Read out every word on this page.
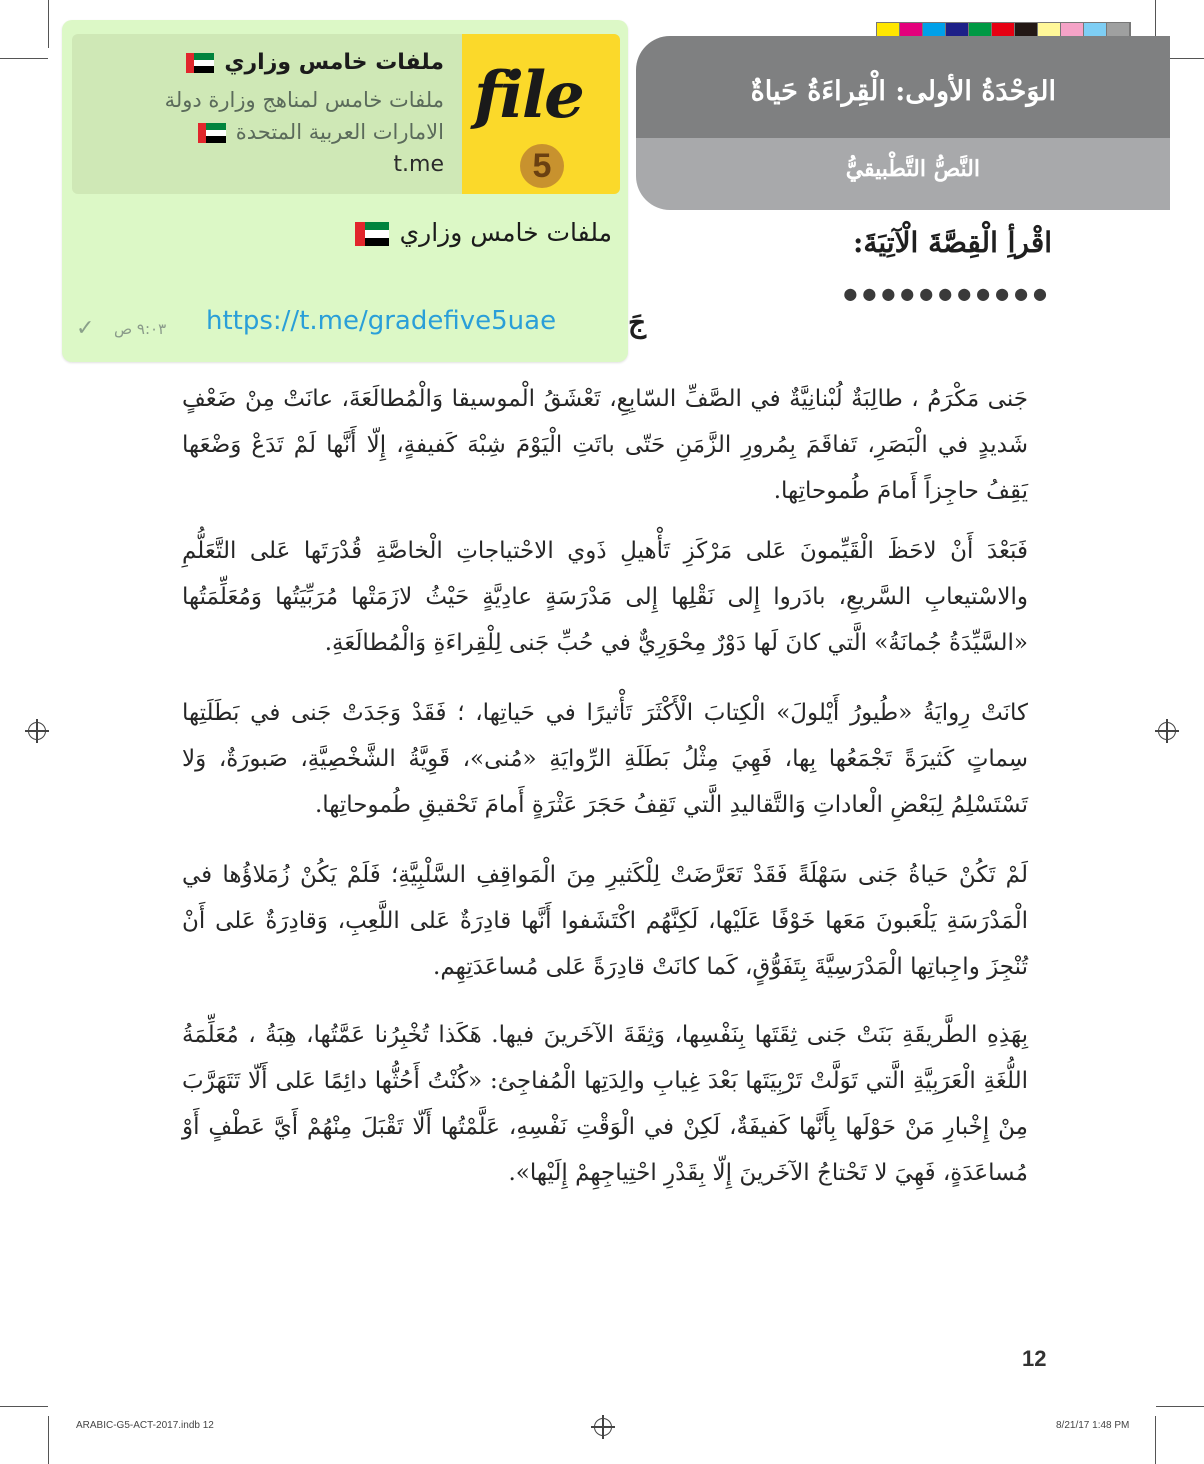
الوَحْدَةُ الأولى: الْقِراءَةُ حَياةٌ
النَّصُّ التَّطْبيقيُّ
اقْرأِ الْقِصَّةَ الْآتِيَةَ:
●●●●●●●●●●●
جَ
جَنى مَكْرَمُ ، طالِبَةٌ لُبْنانِيَّةٌ في الصَّفِّ السّابِعِ، تَعْشَقُ الْموسيقا وَالْمُطالَعَةَ، عانَتْ مِنْ ضَعْفٍ شَديدٍ في الْبَصَرِ، تَفاقَمَ بِمُرورِ الزَّمَنِ حَتّى باتَتِ الْيَوْمَ شِبْهَ كَفيفةٍ، إِلّا أَنَّها لَمْ تَدَعْ وَضْعَها يَقِفُ حاجِزاً أَمامَ طُموحاتِها.
فَبَعْدَ أَنْ لاحَظَ الْقَيِّمونَ عَلى مَرْكَزِ تَأْهيلِ ذَوي الاحْتياجاتِ الْخاصَّةِ قُدْرَتَها عَلى التَّعَلُّمِ والاسْتيعابِ السَّريعِ، بادَروا إِلى نَقْلِها إِلى مَدْرَسَةٍ عادِيَّةٍ حَيْثُ لازَمَتْها مُرَبِّيَتُها وَمُعَلِّمَتُها «السَّيِّدَةُ جُمانَةُ» الَّتي كانَ لَها دَوْرٌ مِحْوَرِيٌّ في حُبِّ جَنى لِلْقِراءَةِ وَالْمُطالَعَةِ.
كانَتْ رِوايَةُ «طُيورُ أَيْلولَ» الْكِتابَ الْأَكْثَرَ تَأْثيرًا في حَياتِها، ؛ فَقَدْ وَجَدَتْ جَنى في بَطَلَتِها سِماتٍ كَثيرَةً تَجْمَعُها بِها، فَهِيَ مِثْلُ بَطَلَةِ الرِّوايَةِ «مُنى»، قَوِيَّةُ الشَّخْصِيَّةِ، صَبورَةٌ، وَلا تَسْتَسْلِمُ لِبَعْضِ الْعاداتِ وَالتَّقاليدِ الَّتي تَقِفُ حَجَرَ عَثْرَةٍ أَمامَ تَحْقيقِ طُموحاتِها.
لَمْ تَكُنْ حَياةُ جَنى سَهْلَةً فَقَدْ تَعَرَّضَتْ لِلْكَثيرِ مِنَ الْمَواقِفِ السَّلْبِيَّةِ؛ فَلَمْ يَكُنْ زُمَلاؤُها في الْمَدْرَسَةِ يَلْعَبونَ مَعَها خَوْفًا عَلَيْها، لَكِنَّهُم اكْتَشَفوا أَنَّها قادِرَةٌ عَلى اللَّعِبِ، وَقادِرَةٌ عَلى أَنْ تُنْجِزَ واجِباتِها الْمَدْرَسِيَّةَ بِتَفَوُّقٍ، كَما كانَتْ قادِرَةً عَلى مُساعَدَتِهِم.
بِهَذِهِ الطَّريقَةِ بَنَتْ جَنى ثِقَتَها بِنَفْسِها، وَثِقَةَ الآخَرينَ فيها. هَكَذا تُخْبِرُنا عَمَّتُها، هِبَةُ ، مُعَلِّمَةُ اللُّغَةِ الْعَرَبِيَّةِ الَّتي تَوَلَّتْ تَرْبِيَتَها بَعْدَ غِيابِ والِدَتِها الْمُفاجِئ: «كُنْتُ أَحُثُّها دائِمًا عَلى أَلّا تَتَهَرَّبَ مِنْ إِخْبارِ مَنْ حَوْلَها بِأَنَّها كَفيفَةٌ، لَكِنْ في الْوَقْتِ نَفْسِهِ، عَلَّمْتُها أَلّا تَقْبَلَ مِنْهُمْ أَيَّ عَطْفٍ أَوْ مُساعَدَةٍ، فَهِيَ لا تَحْتاجُ الآخَرينَ إِلّا بِقَدْرِ احْتِياجِهِمْ إِلَيْها».
12
ARABIC-G5-ACT-2017.indb 12	8/21/17 1:48 PM
file
5
ملفات خامس وزاري
ملفات خامس لمناهج وزارة دولة الامارات العربية المتحدة
t.me
ملفات خامس وزاري
https://t.me/gradefive5uae
٩:٠٣ ص
✓
